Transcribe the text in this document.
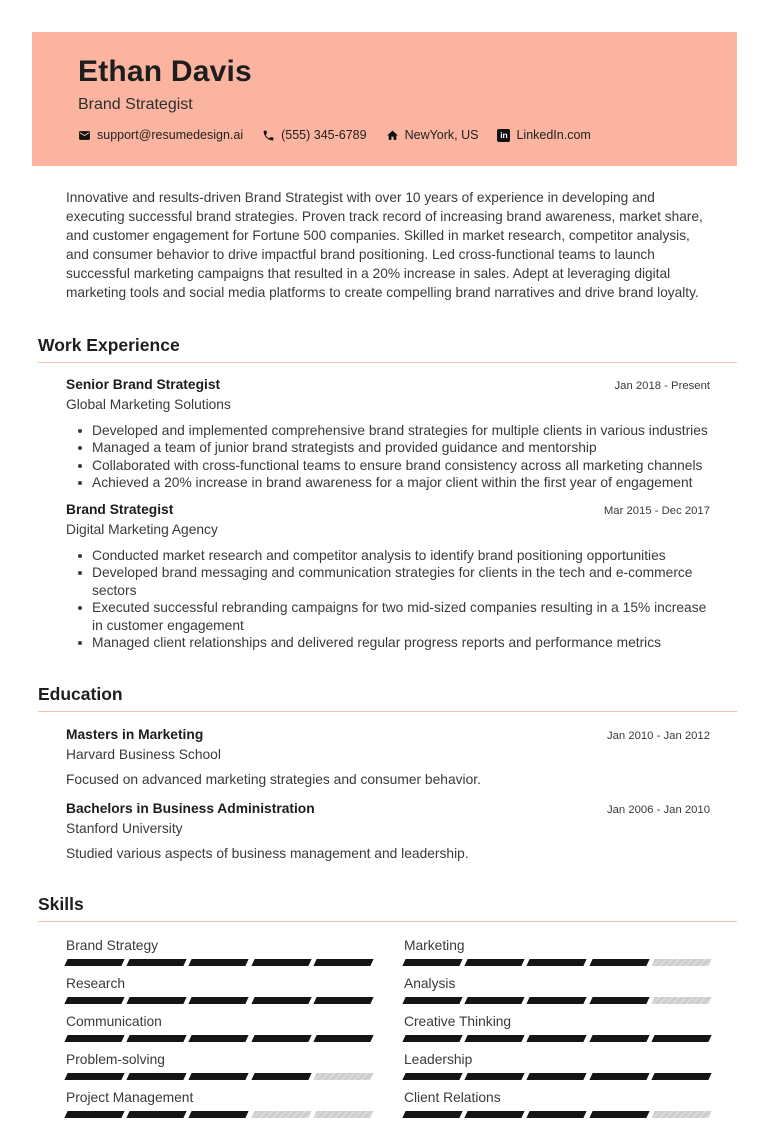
Ethan Davis
Brand Strategist
support@resumedesign.ai	(555) 345-6789	NewYork, US	in LinkedIn.com

Innovative and results-driven Brand Strategist with over 10 years of experience in developing and executing successful brand strategies. Proven track record of increasing brand awareness, market share, and customer engagement for Fortune 500 companies. Skilled in market research, competitor analysis, and consumer behavior to drive impactful brand positioning. Led cross-functional teams to launch successful marketing campaigns that resulted in a 20% increase in sales. Adept at leveraging digital marketing tools and social media platforms to create compelling brand narratives and drive brand loyalty.

Work Experience
Senior Brand Strategist	Jan 2018 - Present
Global Marketing Solutions
Developed and implemented comprehensive brand strategies for multiple clients in various industries
Managed a team of junior brand strategists and provided guidance and mentorship
Collaborated with cross-functional teams to ensure brand consistency across all marketing channels
Achieved a 20% increase in brand awareness for a major client within the first year of engagement
Brand Strategist	Mar 2015 - Dec 2017
Digital Marketing Agency
Conducted market research and competitor analysis to identify brand positioning opportunities
Developed brand messaging and communication strategies for clients in the tech and e-commerce sectors
Executed successful rebranding campaigns for two mid-sized companies resulting in a 15% increase in customer engagement
Managed client relationships and delivered regular progress reports and performance metrics
Education
Masters in Marketing	Jan 2010 - Jan 2012
Harvard Business School
Focused on advanced marketing strategies and consumer behavior.
Bachelors in Business Administration	Jan 2006 - Jan 2010
Stanford University
Studied various aspects of business management and leadership.
Skills
Brand Strategy
Research
Communication
Problem-solving
Project Management
Marketing
Analysis
Creative Thinking
Leadership
Client Relations
